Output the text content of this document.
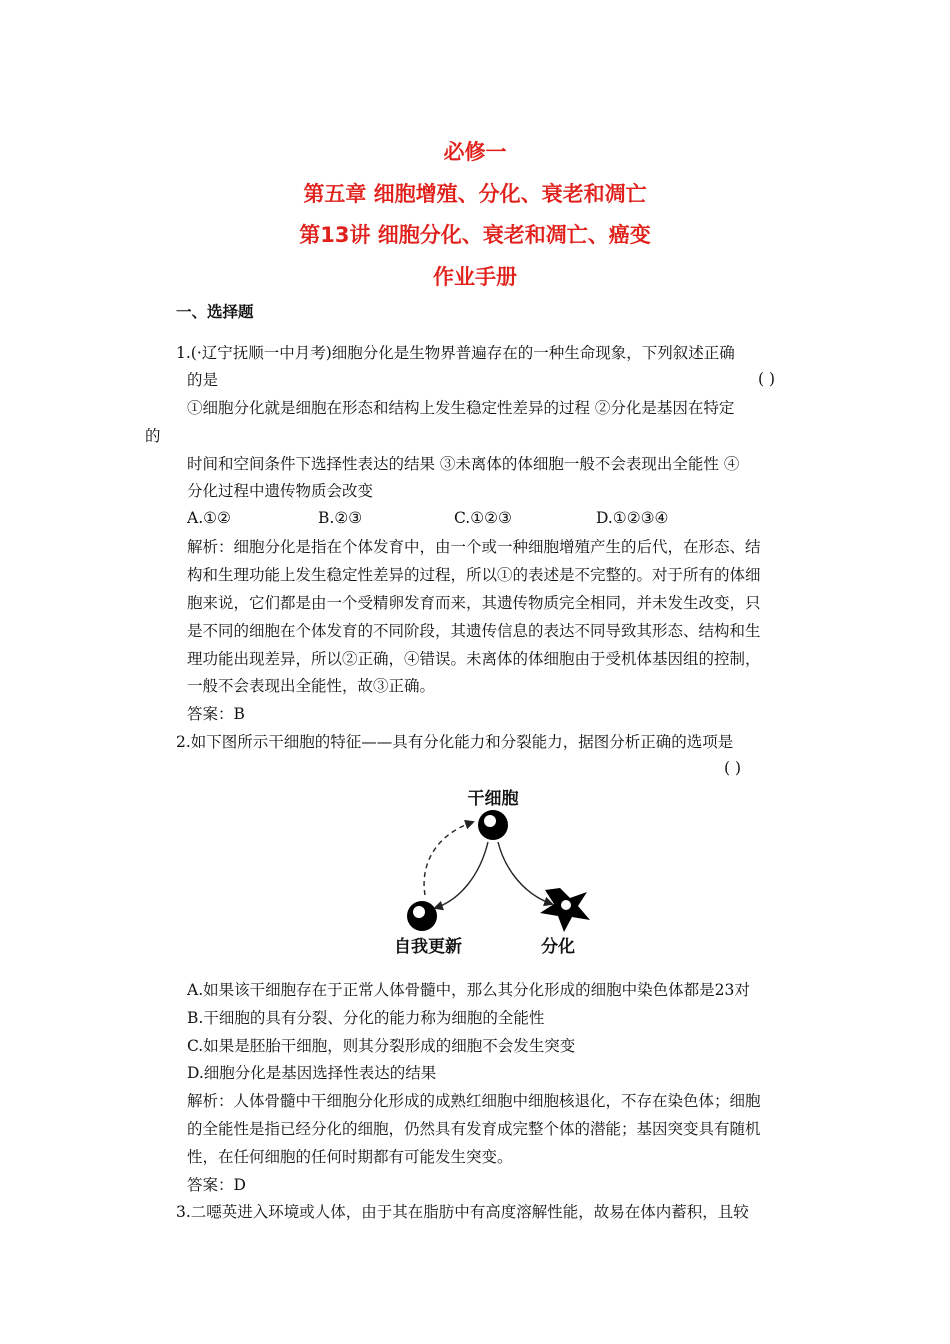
必修一
第五章 细胞增殖、分化、衰老和凋亡
第13讲 细胞分化、衰老和凋亡、癌变
作业手册
一、选择题
1.(·辽宁抚顺一中月考)细胞分化是生物界普遍存在的一种生命现象，下列叙述正确
的是	( )
①细胞分化就是细胞在形态和结构上发生稳定性差异的过程 ②分化是基因在特定
的
时间和空间条件下选择性表达的结果 ③未离体的体细胞一般不会表现出全能性 ④
分化过程中遗传物质会改变
A.①②	B.②③	C.①②③	D.①②③④
解析：细胞分化是指在个体发育中，由一个或一种细胞增殖产生的后代，在形态、结
构和生理功能上发生稳定性差异的过程，所以①的表述是不完整的。对于所有的体细
胞来说，它们都是由一个受精卵发育而来，其遗传物质完全相同，并未发生改变，只
是不同的细胞在个体发育的不同阶段，其遗传信息的表达不同导致其形态、结构和生
理功能出现差异，所以②正确，④错误。未离体的体细胞由于受机体基因组的控制，
一般不会表现出全能性，故③正确。
答案：B
2.如下图所示干细胞的特征——具有分化能力和分裂能力，据图分析正确的选项是
( )
干细胞
自我更新	分化
A.如果该干细胞存在于正常人体骨髓中，那么其分化形成的细胞中染色体都是23对
B.干细胞的具有分裂、分化的能力称为细胞的全能性
C.如果是胚胎干细胞，则其分裂形成的细胞不会发生突变
D.细胞分化是基因选择性表达的结果
解析：人体骨髓中干细胞分化形成的成熟红细胞中细胞核退化，不存在染色体；细胞
的全能性是指已经分化的细胞，仍然具有发育成完整个体的潜能；基因突变具有随机
性，在任何细胞的任何时期都有可能发生突变。
答案：D
3.二噁英进入环境或人体，由于其在脂肪中有高度溶解性能，故易在体内蓄积，且较
